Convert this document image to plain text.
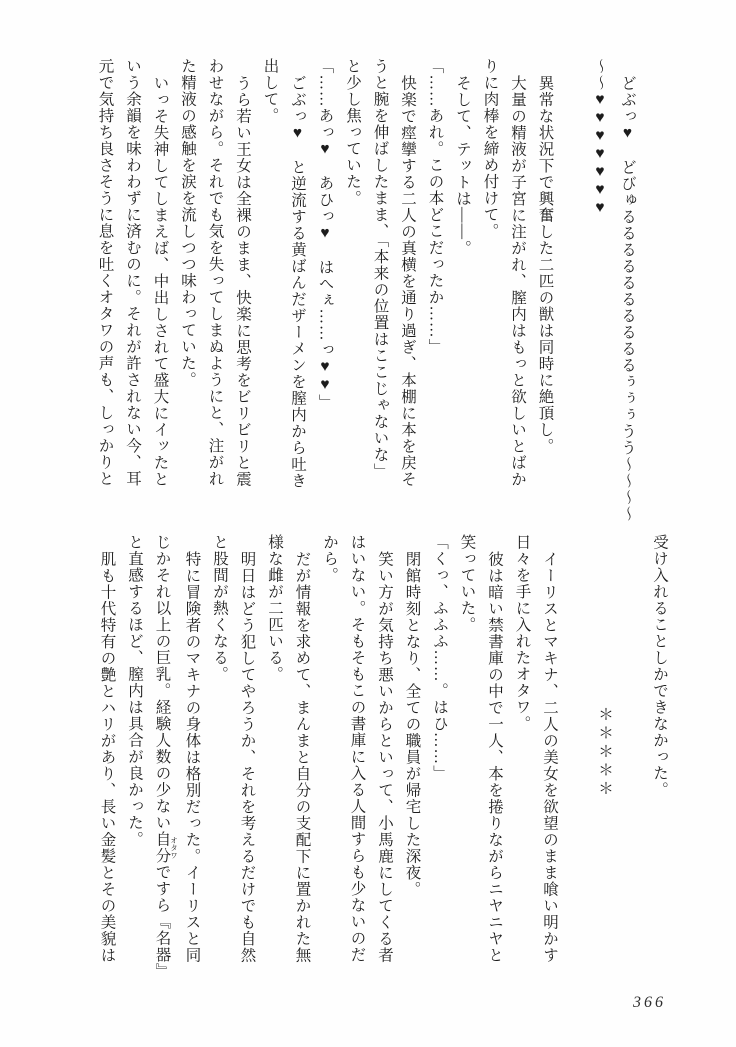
どぶっ♥　どびゅるるるるるるるるるるぅぅぅうう～～～～
～～♥♥♥♥♥♥♥

異常な状況下で興奮した二匹の獣は同時に絶頂し。
大量の精液が子宮に注がれ、膣内はもっと欲しいとばか
りに肉棒を締め付けて。
そして、テットは――。
「……あれ。この本どこだったか……」
快楽で痙攣する二人の真横を通り過ぎ、本棚に本を戻そ
うと腕を伸ばしたまま、「本来の位置はここじゃないな」
と少し焦っていた。
「……あっ♥　あひっ♥　はへぇ……っ♥♥」
ごぶっ♥　と逆流する黄ばんだザーメンを膣内から吐き
出して。
うら若い王女は全裸のまま、快楽に思考をビリビリと震
わせながら。それでも気を失ってしまぬようにと、注がれ
た精液の感触を涙を流しつつ味わっていた。
いっそ失神してしまえば、中出しされて盛大にイッたと
いう余韻を味わわずに済むのに。それが許されない今、耳
元で気持ち良さそうに息を吐くオタワの声も、しっかりと
受け入れることしかできなかった。

＊＊＊＊＊

イーリスとマキナ、二人の美女を欲望のまま喰い明かす
日々を手に入れたオタワ。
彼は暗い禁書庫の中で一人、本を捲りながらニヤニヤと
笑っていた。
「くっ、ふふふ……。はひ……」
閉館時刻となり、全ての職員が帰宅した深夜。
笑い方が気持ち悪いからといって、小馬鹿にしてくる者
はいない。そもそもこの書庫に入る人間すらも少ないのだ
から。
だが情報を求めて、まんまと自分の支配下に置かれた無
様な雌が二匹いる。
明日はどう犯してやろうか、それを考えるだけでも自然
と股間が熱くなる。
特に冒険者のマキナの身体は格別だった。イーリスと同
じかそれ以上の巨乳。経験人数の少ない自分 オタワですら『名器』
と直感するほど、膣内は具合が良かった。
肌も十代特有の艶とハリがあり、長い金髪とその美貌は
366
